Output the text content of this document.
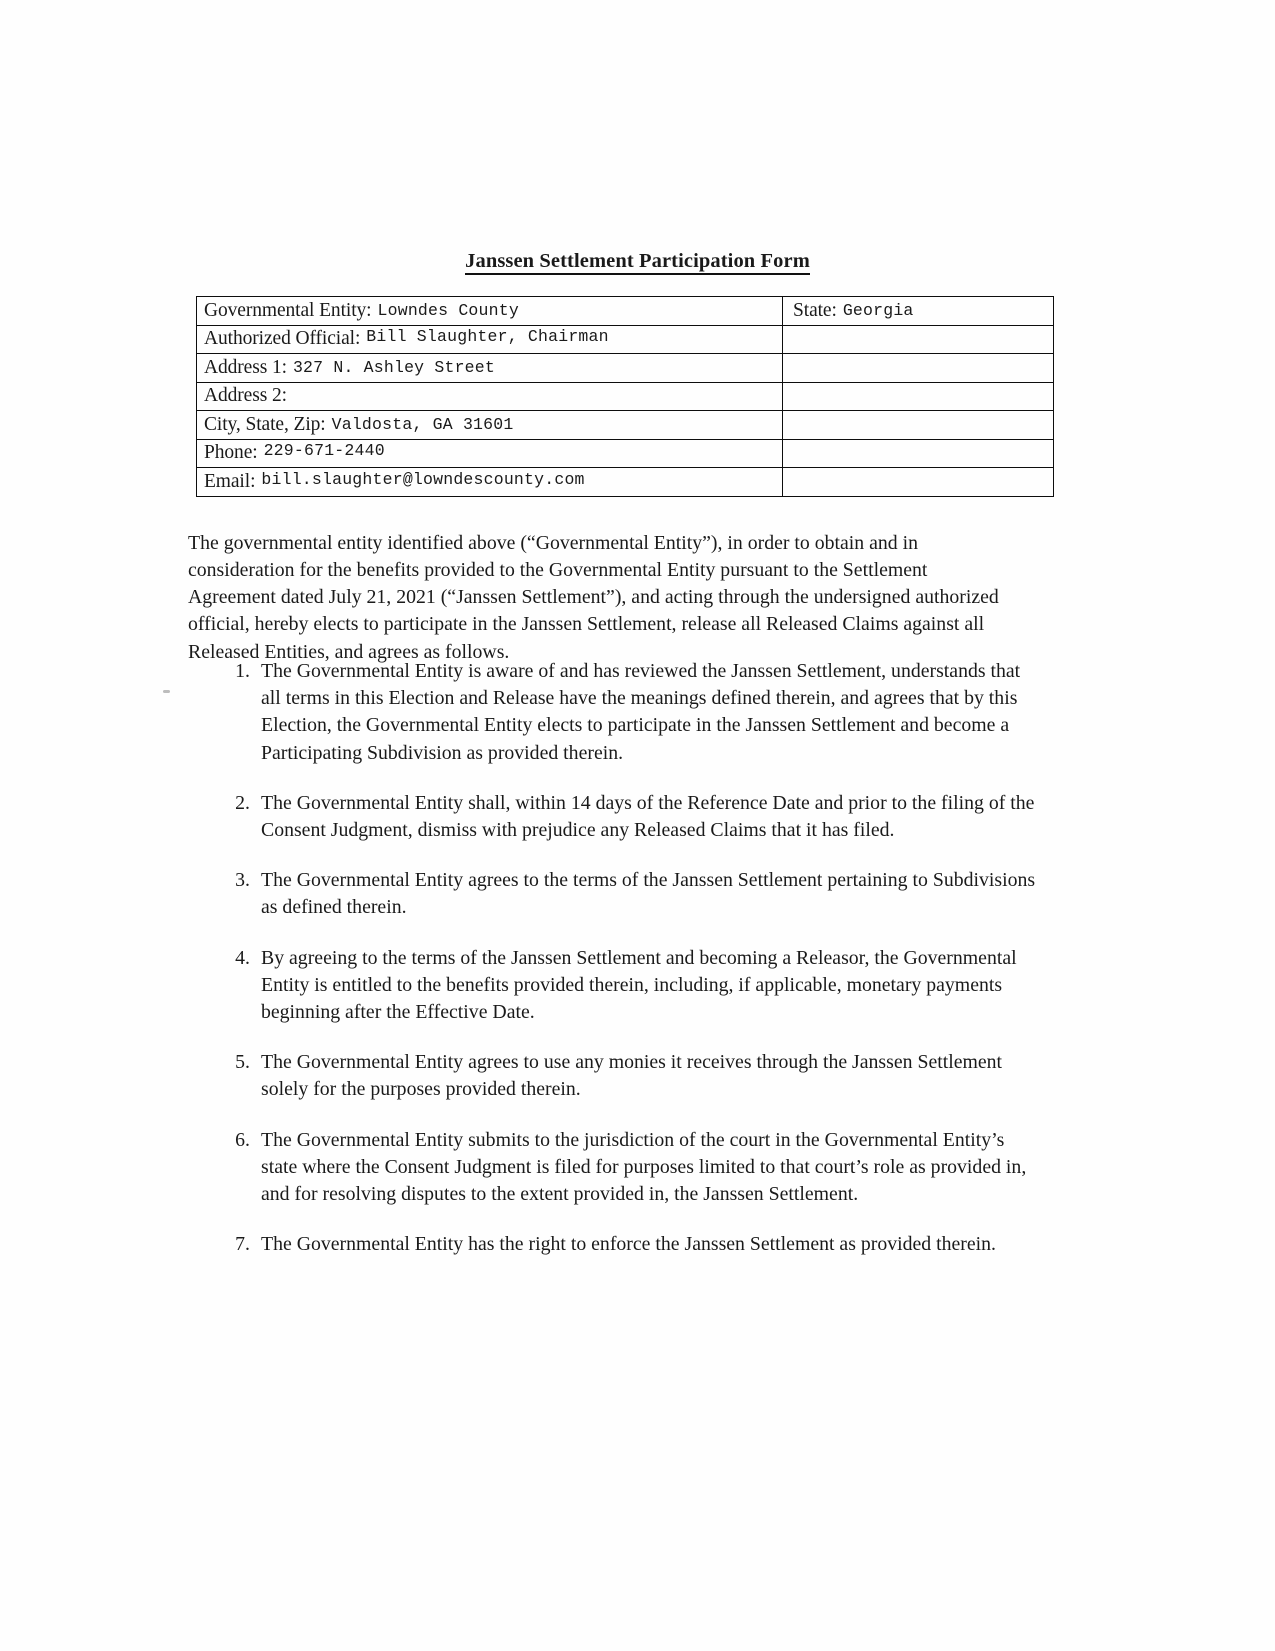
Janssen Settlement Participation Form
Governmental Entity: Lowndes County	State: Georgia
Authorized Official: Bill Slaughter, Chairman	
Address 1: 327 N. Ashley Street	
Address 2:	
City, State, Zip: Valdosta, GA 31601	
Phone: 229-671-2440	
Email: bill.slaughter@lowndescounty.com	

The governmental entity identified above (“Governmental Entity”), in order to obtain and in consideration for the benefits provided to the Governmental Entity pursuant to the Settlement Agreement dated July 21, 2021 (“Janssen Settlement”), and acting through the undersigned authorized official, hereby elects to participate in the Janssen Settlement, release all Released Claims against all Released Entities, and agrees as follows.

1. The Governmental Entity is aware of and has reviewed the Janssen Settlement, understands that all terms in this Election and Release have the meanings defined therein, and agrees that by this Election, the Governmental Entity elects to participate in the Janssen Settlement and become a Participating Subdivision as provided therein.
2. The Governmental Entity shall, within 14 days of the Reference Date and prior to the filing of the Consent Judgment, dismiss with prejudice any Released Claims that it has filed.
3. The Governmental Entity agrees to the terms of the Janssen Settlement pertaining to Subdivisions as defined therein.
4. By agreeing to the terms of the Janssen Settlement and becoming a Releasor, the Governmental Entity is entitled to the benefits provided therein, including, if applicable, monetary payments beginning after the Effective Date.
5. The Governmental Entity agrees to use any monies it receives through the Janssen Settlement solely for the purposes provided therein.
6. The Governmental Entity submits to the jurisdiction of the court in the Governmental Entity’s state where the Consent Judgment is filed for purposes limited to that court’s role as provided in, and for resolving disputes to the extent provided in, the Janssen Settlement.
7. The Governmental Entity has the right to enforce the Janssen Settlement as provided therein.
